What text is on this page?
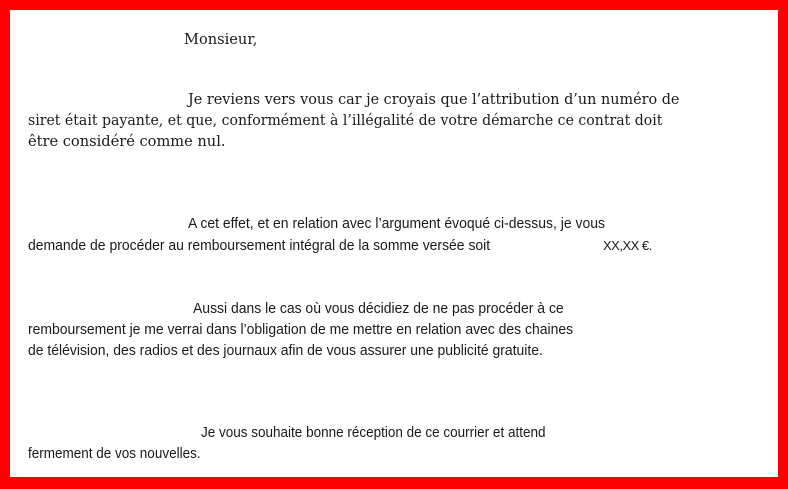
Monsieur,
Je reviens vers vous car je croyais que l’attribution d’un numéro de
siret était payante, et que, conformément à l’illégalité de votre démarche ce contrat doit
être considéré comme nul.
A cet effet, et en relation avec l’argument évoqué ci-dessus, je vous
demande de procéder au remboursement intégral de la somme versée soit	XX,XX €.
Aussi dans le cas où vous décidiez de ne pas procéder à ce
remboursement je me verrai dans l’obligation de me mettre en relation avec des chaines
de télévision, des radios et des journaux afin de vous assurer une publicité gratuite.
Je vous souhaite bonne réception de ce courrier et attend
fermement de vos nouvelles.
